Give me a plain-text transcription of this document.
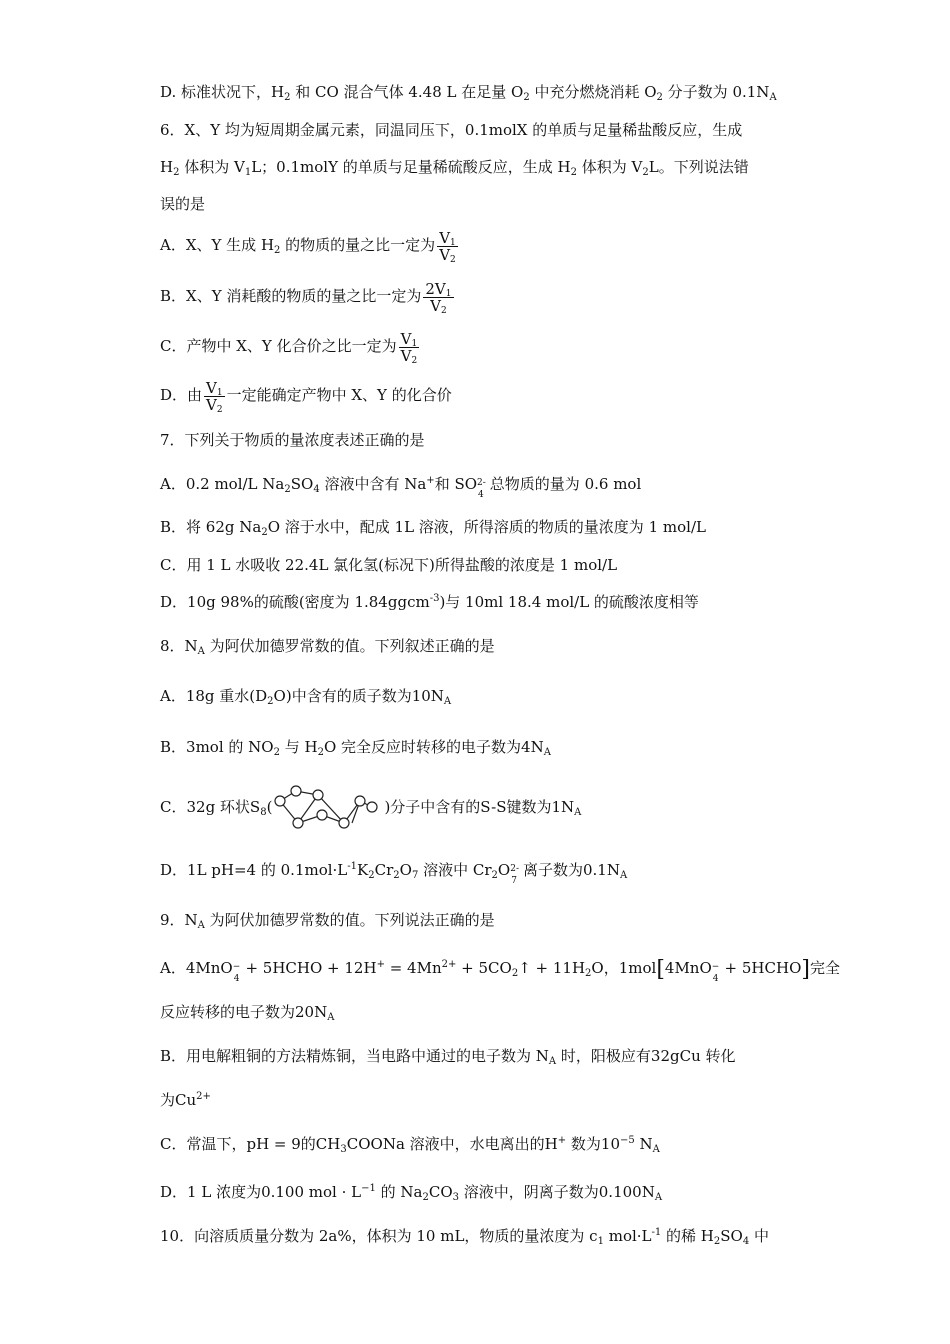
D. 标准状况下，$H_2$ 和 CO 混合气体 4.48 L 在足量 $O_2$ 中充分燃烧消耗 $O_2$ 分子数为 $0.1N_A$
6．X、Y 均为短周期金属元素，同温同压下，0.1molX 的单质与足量稀盐酸反应，生成
$H_2$ 体积为 $V_1L$；0.1molY 的单质与足量稀硫酸反应，生成 $H_2$ 体积为 $V_2L$。下列说法错
误的是
A．X、Y 生成 $H_2$ 的物质的量之比一定为 $\frac{V_1}{V_2}$
B．X、Y 消耗酸的物质的量之比一定为 $\frac{2V_1}{V_2}$
C．产物中 X、Y 化合价之比一定为 $\frac{V_1}{V_2}$
D．由 $\frac{V_1}{V_2}$ 一定能确定产物中 X、Y 的化合价
7．下列关于物质的量浓度表述正确的是
A．0.2 mol/L $Na_2SO_4$ 溶液中含有 Na+和 SO 2-
4
总物质的量为 0.6 mol
B．将 62g $Na_2O$ 溶于水中，配成 1L 溶液，所得溶质的物质的量浓度为 1 mol/L
C．用 1 L 水吸收 22.4L 氯化氢(标况下)所得盐酸的浓度是 1 mol/L
D．10g 98%的硫酸(密度为 1.84ggcm$^{-3}$)与 10ml 18.4 mol/L 的硫酸浓度相等
8．$N_A$ 为阿伏加德罗常数的值。下列叙述正确的是
A．18g 重水$(D_2O)$中含有的质子数为$10N_A$
B．3mol 的 $NO_2$ 与 $H_2O$ 完全反应时转移的电子数为$4N_A$
C．32g 环状$S_8$(	)分子中含有的S-S键数为$1N_A$
D．1L pH=4 的 $0.1mol\cdot L^{-1}K_2Cr_2O_7$ 溶液中 $Cr_2O$ 2-
7
离子数为$0.1N_A$
9．$N_A$ 为阿伏加德罗常数的值。下列说法正确的是
A．4MnO −
4
+ 5HCHO + $12H^+ = 4Mn^{2+}$ + $5CO_2↑ + 11H_2O$，1mol[4MnO −
4
+ 5HCHO]完全
反应转移的电子数为$20N_A$
B．用电解粗铜的方法精炼铜，当电路中通过的电子数为 $N_A$ 时，阳极应有32gCu 转化
为$Cu^{2+}$
C．常温下，pH = 9的$CH_3COONa$ 溶液中，水电离出的H+ 数为$10^{-5}$ $N_A$
D．1 L 浓度为0.100 mol · $L^{-1}$ 的 $Na_2CO_3$ 溶液中，阴离子数为$0.100N_A$
10．向溶质质量分数为 2a%，体积为 10 mL，物质的量浓度为 $c_1$ $mol\cdot L^{-1}$ 的稀 $H_2SO_4$ 中
